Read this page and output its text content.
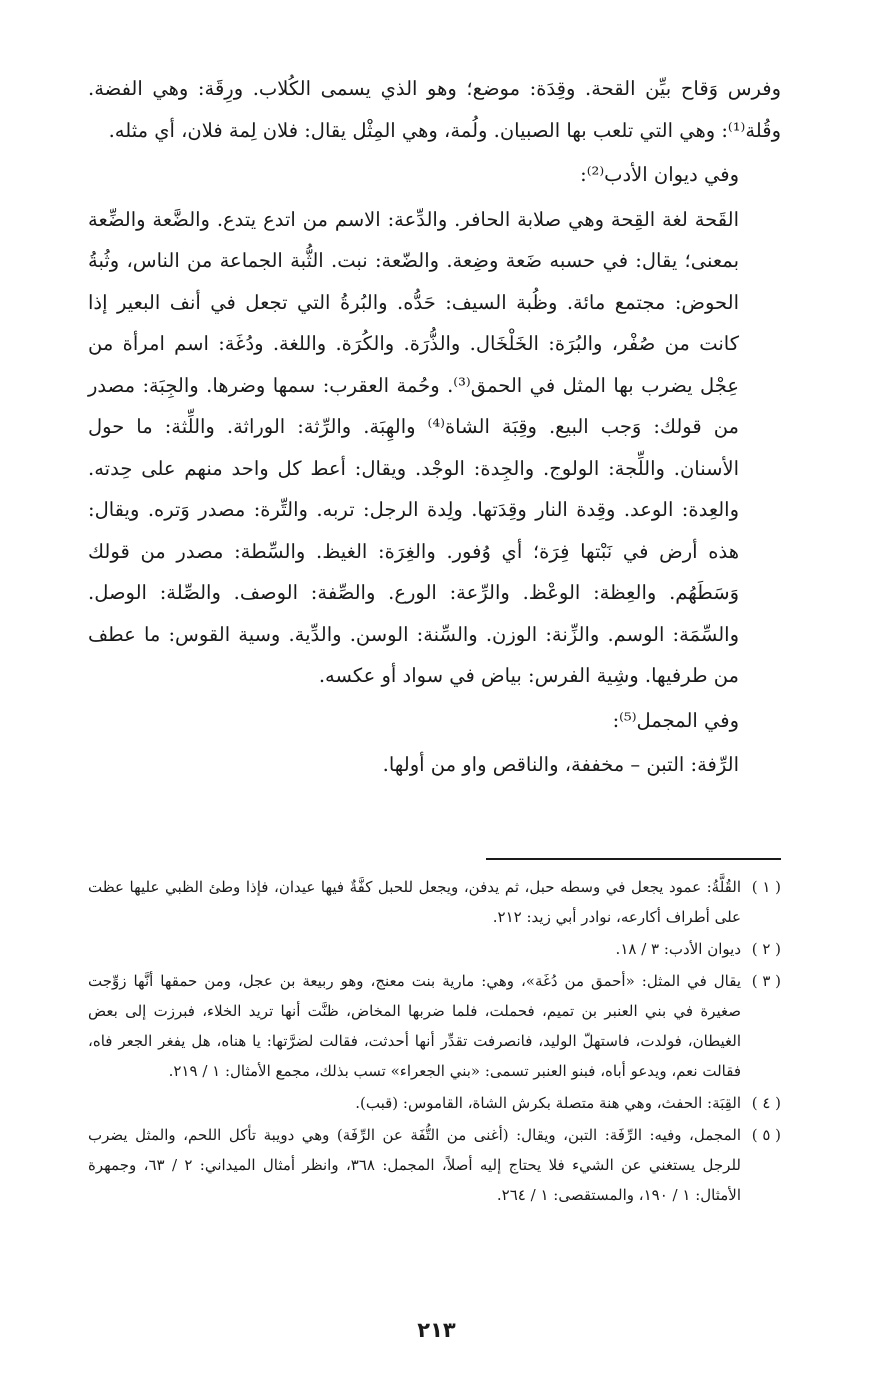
وفرس وَقاح بيِّن القحة. وقِدَة: موضع؛ وهو الذي يسمى الكُلاب. ورِقَة: وهي الفضة. وقُلة⁽¹⁾: وهي التي تلعب بها الصبيان. ولُمة، وهي المِثْل يقال: فلان لِمة فلان، أي مثله.

وفي ديوان الأدب⁽²⁾:

القَحة لغة القِحة وهي صلابة الحافر. والدِّعة: الاسم من اتدع يتدع. والضَّعة والضِّعة بمعنى؛ يقال: في حسبه ضَعة وضِعة. والضّعة: نبت. الثُّبة الجماعة من الناس، وثُبةُ الحوض: مجتمع مائة. وظُبة السيف: حَدُّه. والبُرةُ التي تجعل في أنف البعير إذا كانت من صُفْر، والبُرَة: الخَلْخَال. والذُّرَة. والكُرَة. واللغة. ودُغَة: اسم امرأة من عِجْل يضرب بها المثل في الحمق⁽³⁾. وحُمة العقرب: سمها وضرها. والجِبَة: مصدر من قولك: وَجب البيع. وقِبَة الشاة⁽⁴⁾ والهِبَة. والرِّثة: الوراثة. واللِّثة: ما حول الأسنان. واللِّجة: الولوج. والجِدة: الوجْد. ويقال: أعط كل واحد منهم على حِدته. والعِدة: الوعد. وقِدة النار وقِدَتها. ولِدة الرجل: تربه. والتِّرة: مصدر وَتره. ويقال: هذه أرض في نَبْتها فِرَة؛ أي وُفور. والغِرَة: الغيظ. والسِّطة: مصدر من قولك وَسَطَهُم. والعِظة: الوعْظ. والرِّعة: الورع. والصِّفة: الوصف. والصِّلة: الوصل. والسِّمَة: الوسم. والزِّنة: الوزن. والسِّنة: الوسن. والدِّية. وسية القوس: ما عطف من طرفيها. وشِية الفرس: بياض في سواد أو عكسه.

وفي المجمل⁽⁵⁾:

الرِّفة: التبن – مخففة، والناقص واو من أولها.

( ١ )
القُلَّةُ: عمود يجعل في وسطه حبل، ثم يدفن، ويجعل للحبل كفَّةٌ فيها عيدان، فإذا وطئ الظبي عليها عظت على أطراف أكارعه، نوادر أبي زيد: ٢١٢.
( ٢ )
ديوان الأدب: ٣ / ١٨.
( ٣ )
يقال في المثل: «أحمق من دُغَة»، وهي: مارية بنت معنج، وهو ربيعة بن عجل، ومن حمقها أنَّها زوِّجت صغيرة في بني العنبر بن تميم، فحملت، فلما ضربها المخاض، ظنَّت أنها تريد الخلاء، فبرزت إلى بعض الغيطان، فولدت، فاستهلّ الوليد، فانصرفت تقدِّر أنها أحدثت، فقالت لضرَّتها: يا هناه، هل يفغر الجعر فاه، فقالت نعم، ويدعو أباه، فبنو العنبر تسمى: «بني الجعراء» تسب بذلك، مجمع الأمثال: ١ / ٢١٩.
( ٤ )
القِبَة: الحفث، وهي هنة متصلة بكرش الشاة، القاموس: (قبب).
( ٥ )
المجمل، وفيه: الرِّفَة: التبن، ويقال: (أغنى من التُّفَة عن الرِّفَة) وهي دويبة تأكل اللحم، والمثل يضرب للرجل يستغني عن الشيء فلا يحتاج إليه أصلاً، المجمل: ٣٦٨، وانظر أمثال الميداني: ٢ / ٦٣، وجمهرة الأمثال: ١ / ١٩٠، والمستقصى: ١ / ٢٦٤.
٢١٣
